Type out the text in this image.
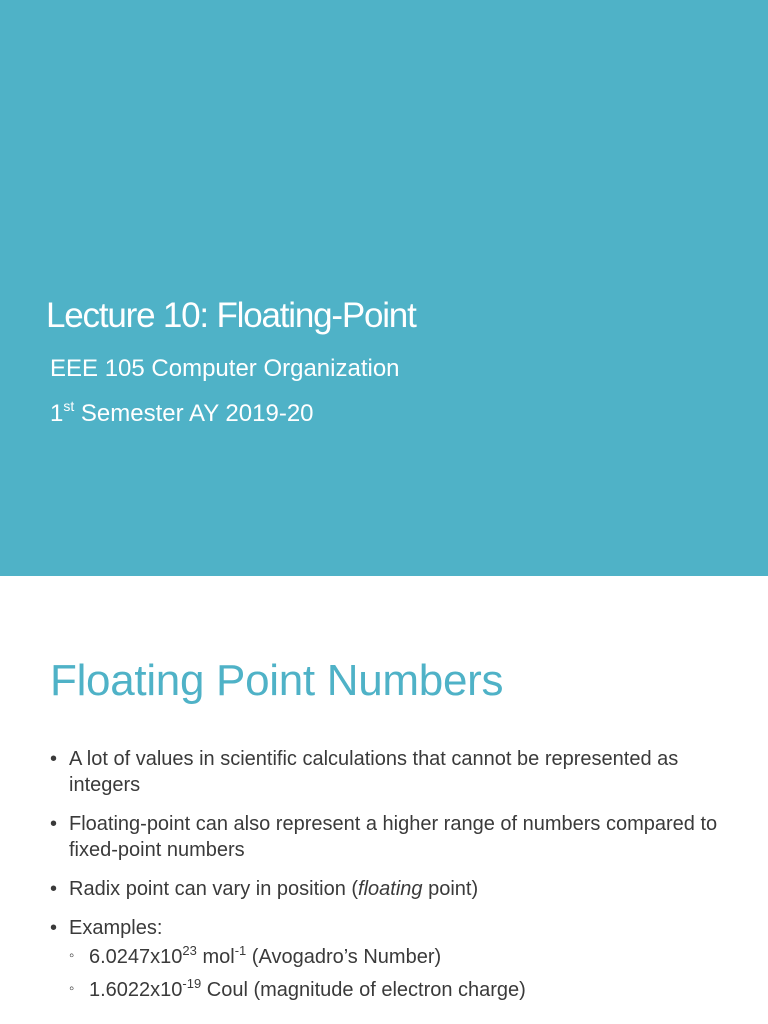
Lecture 10: Floating-Point

EEE 105 Computer Organization

1st Semester AY 2019-20

Floating Point Numbers
• A lot of values in scientific calculations that cannot be represented as integers
• Floating-point can also represent a higher range of numbers compared to fixed-point numbers
• Radix point can vary in position (floating point)
• Examples:
◦ $6.0247x10^{23}$ mol$^{-1}$ (Avogadro’s Number)
◦ $1.6022x10^{-19}$ Coul (magnitude of electron charge)
